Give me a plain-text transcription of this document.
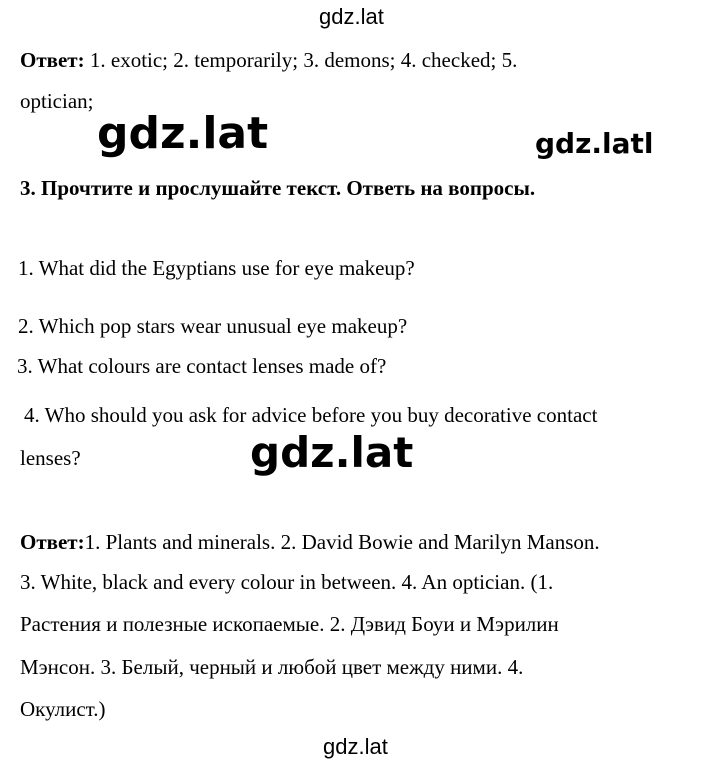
gdz.lat
Ответ: 1. exotic; 2. temporarily; 3. demons; 4. checked; 5.
optician;
gdz.lat	gdz.latl
3. Прочтите и прослушайте текст. Ответь на вопросы.
1. What did the Egyptians use for eye makeup?
2. Which pop stars wear unusual eye makeup?
3. What colours are contact lenses made of?
4. Who should you ask for advice before you buy decorative contact
lenses?	gdz.lat
Ответ:1. Plants and minerals. 2. David Bowie and Marilyn Manson.
3. White, black and every colour in between. 4. An optician. (1.
Растения и полезные ископаемые. 2. Дэвид Боуи и Мэрилин
Мэнсон. 3. Белый, черный и любой цвет между ними. 4.
Окулист.)
gdz.lat
